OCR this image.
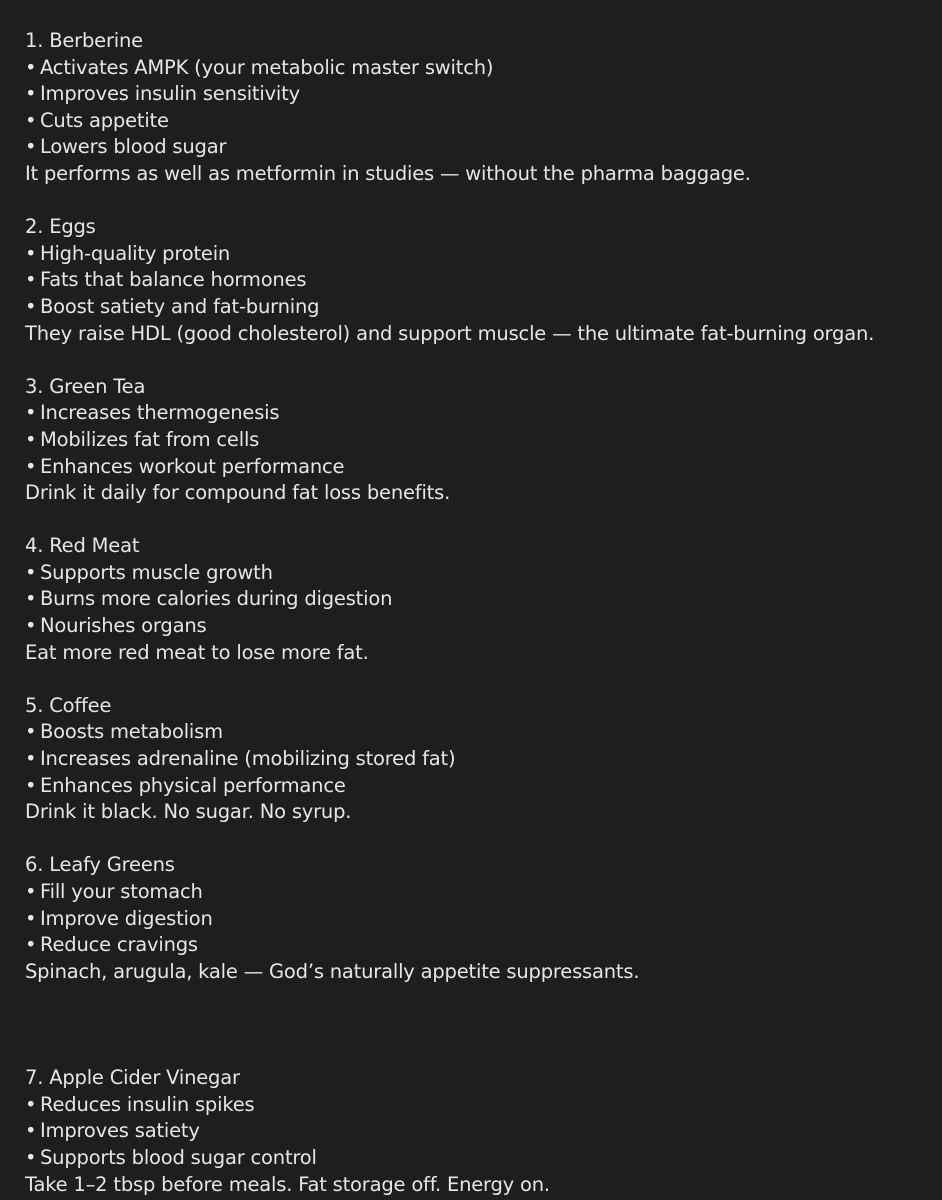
1. Berberine
• Activates AMPK (your metabolic master switch)
• Improves insulin sensitivity
• Cuts appetite
• Lowers blood sugar
It performs as well as metformin in studies — without the pharma baggage.
2. Eggs
• High-quality protein
• Fats that balance hormones
• Boost satiety and fat-burning
They raise HDL (good cholesterol) and support muscle — the ultimate fat-burning organ.
3. Green Tea
• Increases thermogenesis
• Mobilizes fat from cells
• Enhances workout performance
Drink it daily for compound fat loss benefits.
4. Red Meat
• Supports muscle growth
• Burns more calories during digestion
• Nourishes organs
Eat more red meat to lose more fat.
5. Coffee
• Boosts metabolism
• Increases adrenaline (mobilizing stored fat)
• Enhances physical performance
Drink it black. No sugar. No syrup.
6. Leafy Greens
• Fill your stomach
• Improve digestion
• Reduce cravings
Spinach, arugula, kale — God’s naturally appetite suppressants.
7. Apple Cider Vinegar
• Reduces insulin spikes
• Improves satiety
• Supports blood sugar control
Take 1–2 tbsp before meals. Fat storage off. Energy on.
